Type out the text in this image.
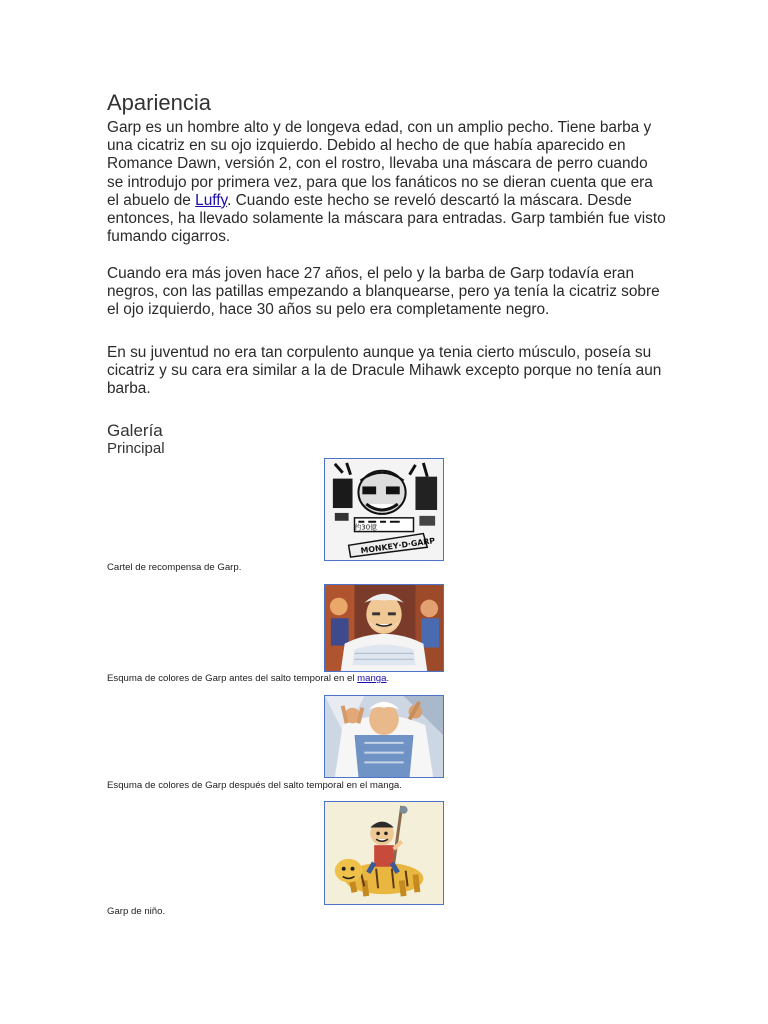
Apariencia

Garp es un hombre alto y de longeva edad, con un amplio pecho. Tiene barba y una cicatriz en su ojo izquierdo. Debido al hecho de que había aparecido en Romance Dawn, versión 2, con el rostro, llevaba una máscara de perro cuando se introdujo por primera vez, para que los fanáticos no se dieran cuenta que era el abuelo de Luffy. Cuando este hecho se reveló descartó la máscara. Desde entonces, ha llevado solamente la máscara para entradas. Garp también fue visto fumando cigarros.

Cuando era más joven hace 27 años, el pelo y la barba de Garp todavía eran negros, con las patillas empezando a blanquearse, pero ya tenía la cicatriz sobre el ojo izquierdo, hace 30 años su pelo era completamente negro.

En su juventud no era tan corpulento aunque ya tenia cierto músculo, poseía su cicatriz y su cara era similar a la de Dracule Mihawk excepto porque no tenía aun barba.

Galería
Principal
MONKEY·D·GARP
约30億

Cartel de recompensa de Garp.

Esquma de colores de Garp antes del salto temporal en el manga.

Esquma de colores de Garp después del salto temporal en el manga.

Garp de niño.
